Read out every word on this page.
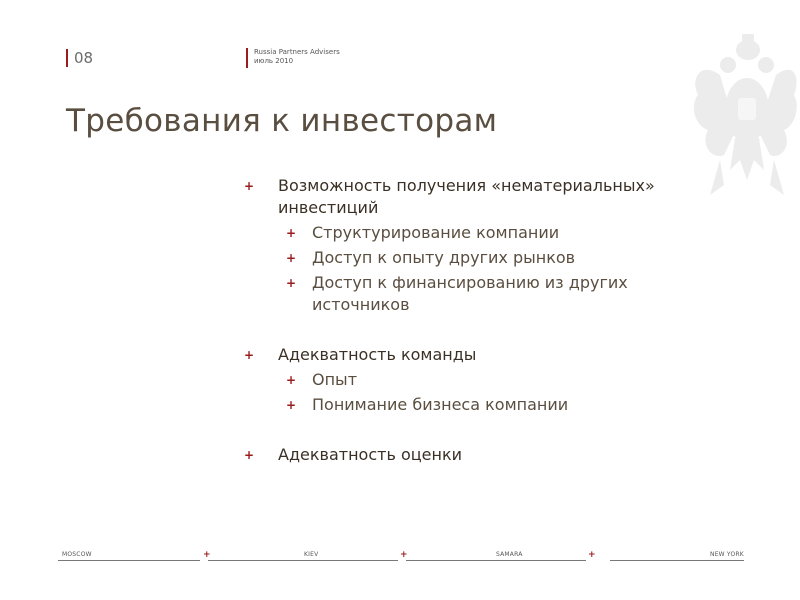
08	Russia Partners Advisers
июль 2010
Требования к инвесторам
+ Возможность получения «нематериальных» инвестиций
+ Структурирование компании
+ Доступ к опыту других рынков
+ Доступ к финансированию из других источников
+ Адекватность команды
+ Опыт
+ Понимание бизнеса компании
+ Адекватность оценки
MOSCOW	+	KIEV	+	SAMARA	+	NEW YORK
